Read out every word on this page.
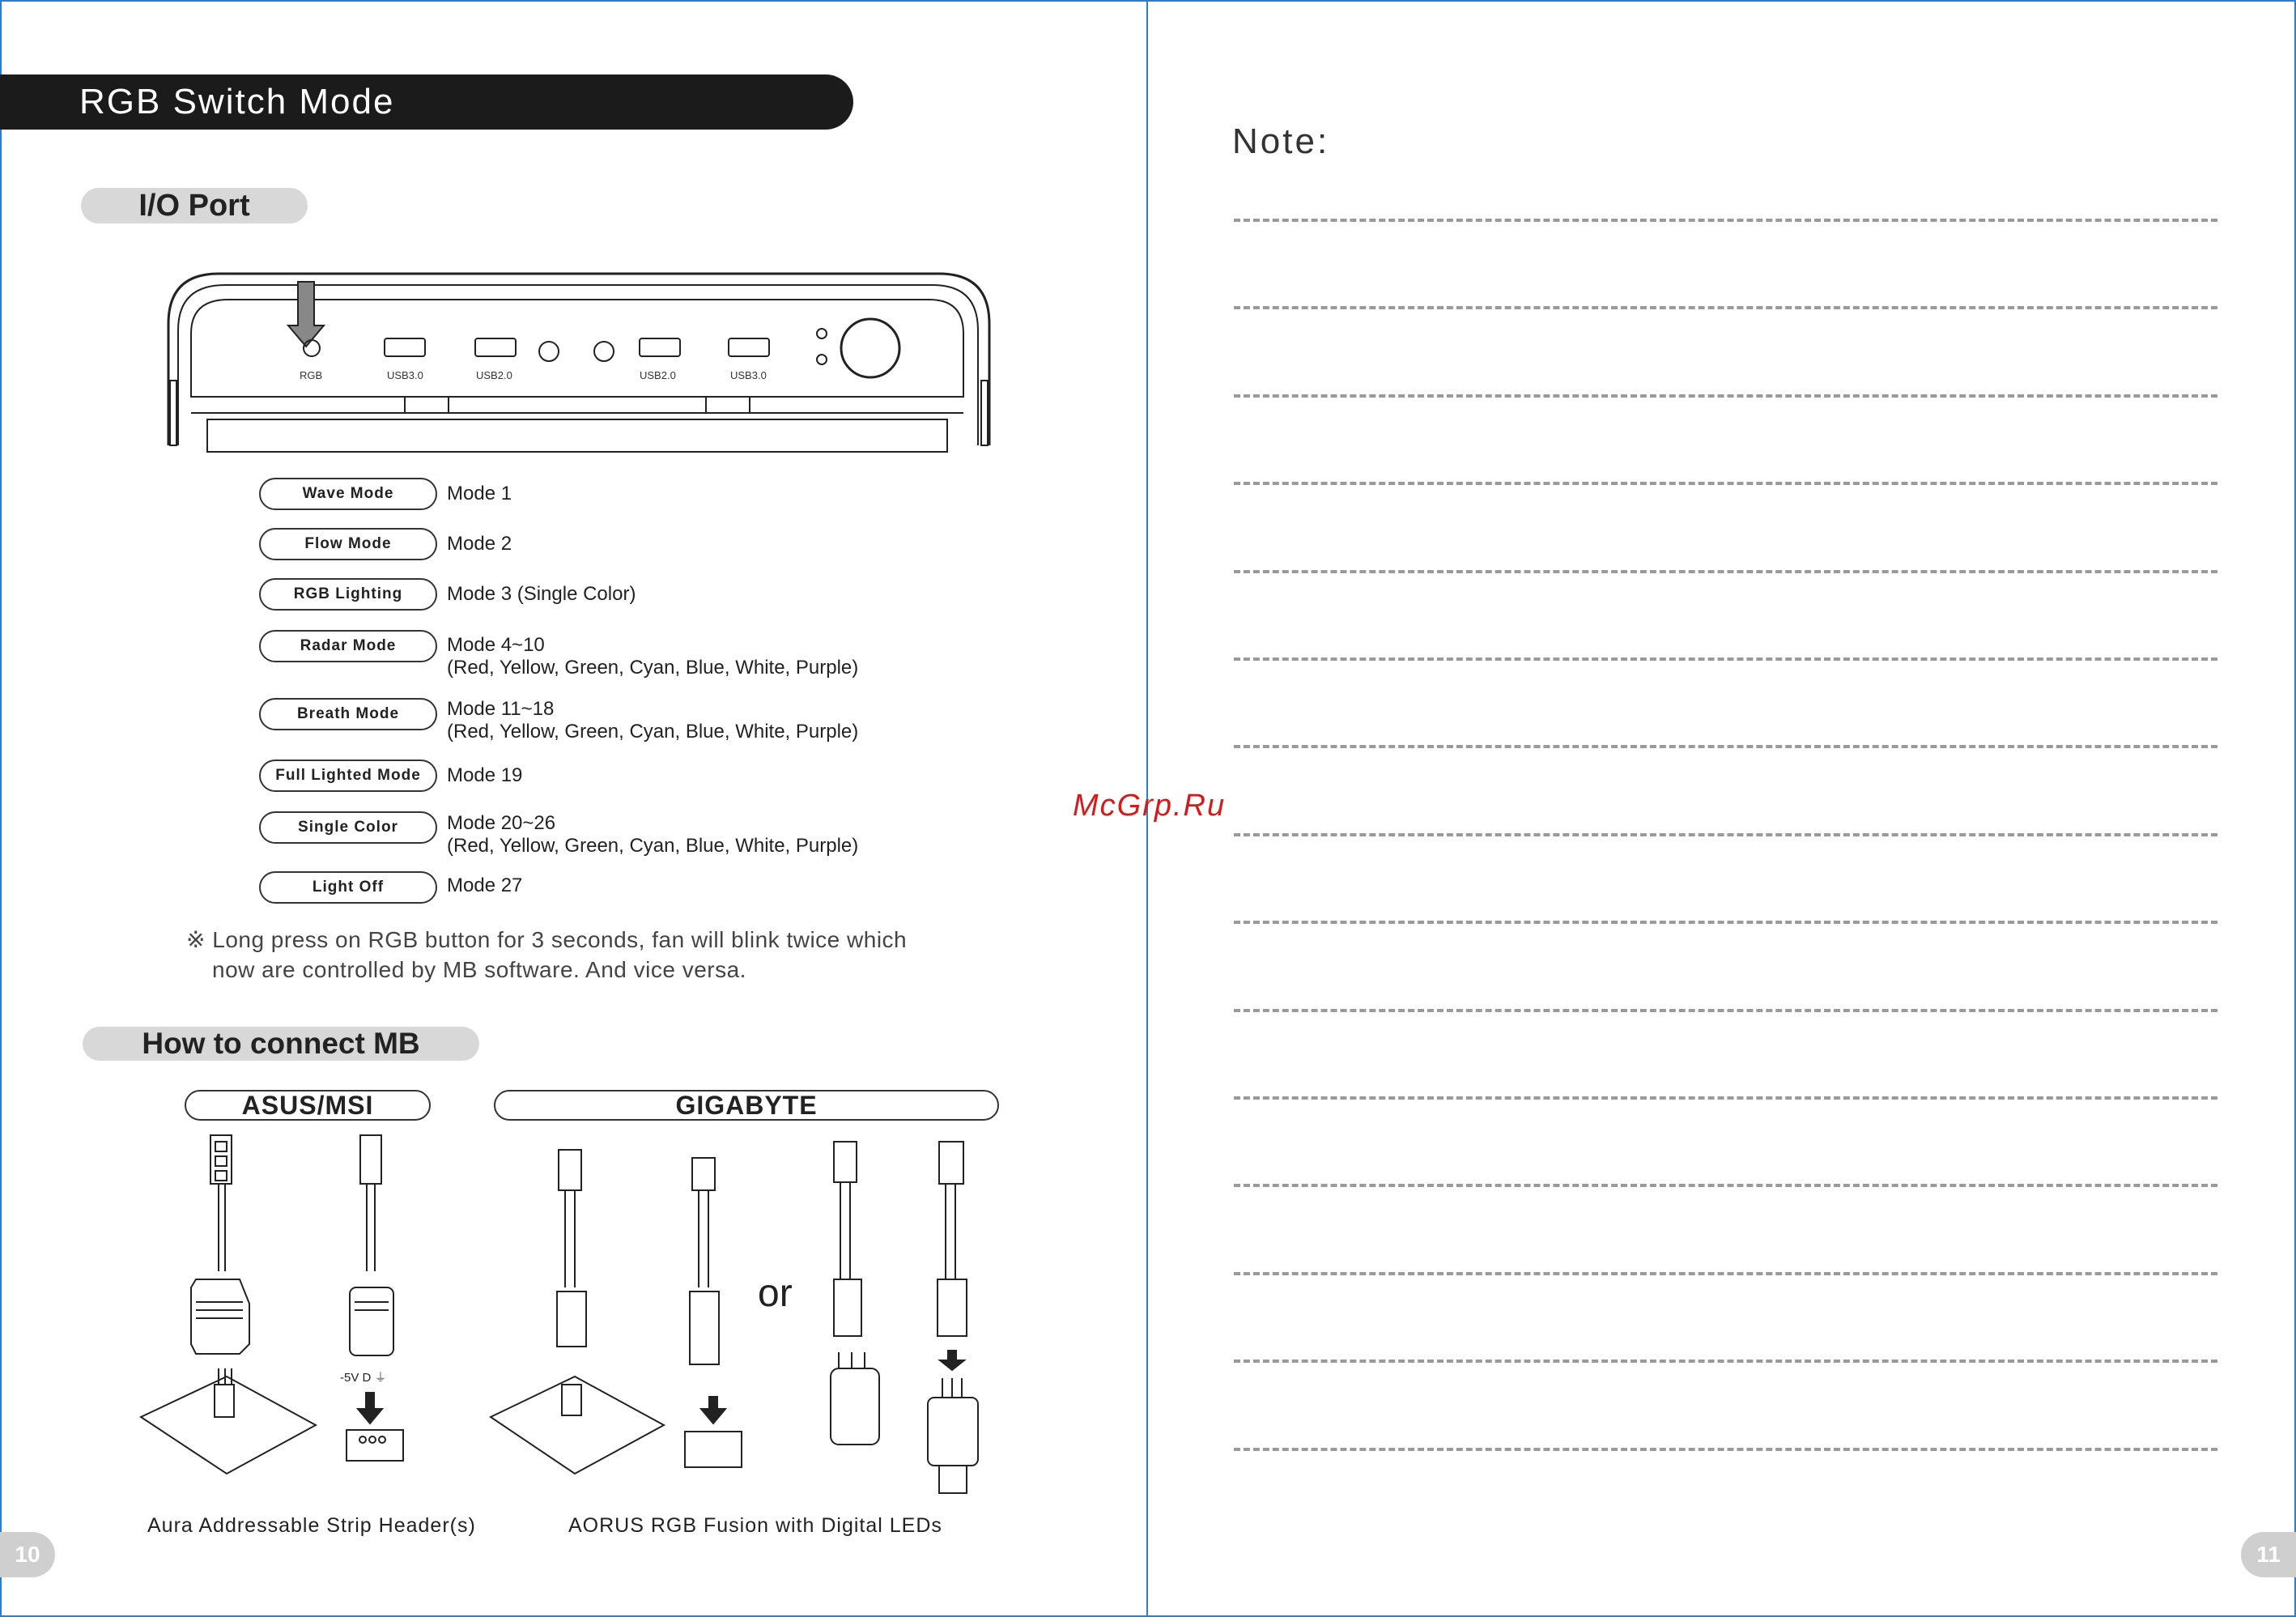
RGB Switch Mode
I/O Port
RGB	USB3.0	USB2.0	USB2.0	USB3.0
Wave Mode	Mode 1
Flow Mode	Mode 2
RGB Lighting	Mode 3 (Single Color)
Radar Mode	Mode 4~10
(Red, Yellow, Green, Cyan, Blue, White, Purple)
Breath Mode	Mode 11~18
(Red, Yellow, Green, Cyan, Blue, White, Purple)
Full Lighted Mode	Mode 19
Single Color	Mode 20~26
(Red, Yellow, Green, Cyan, Blue, White, Purple)
Light Off	Mode 27
※ Long press on RGB button for 3 seconds, fan will blink twice which
now are controlled by MB software. And vice versa.
How to connect MB
ASUS/MSI	GIGABYTE
or
-5V D ⏚
Aura Addressable Strip Header(s)	AORUS RGB Fusion with Digital LEDs
10	11
Note:
McGrp.Ru
